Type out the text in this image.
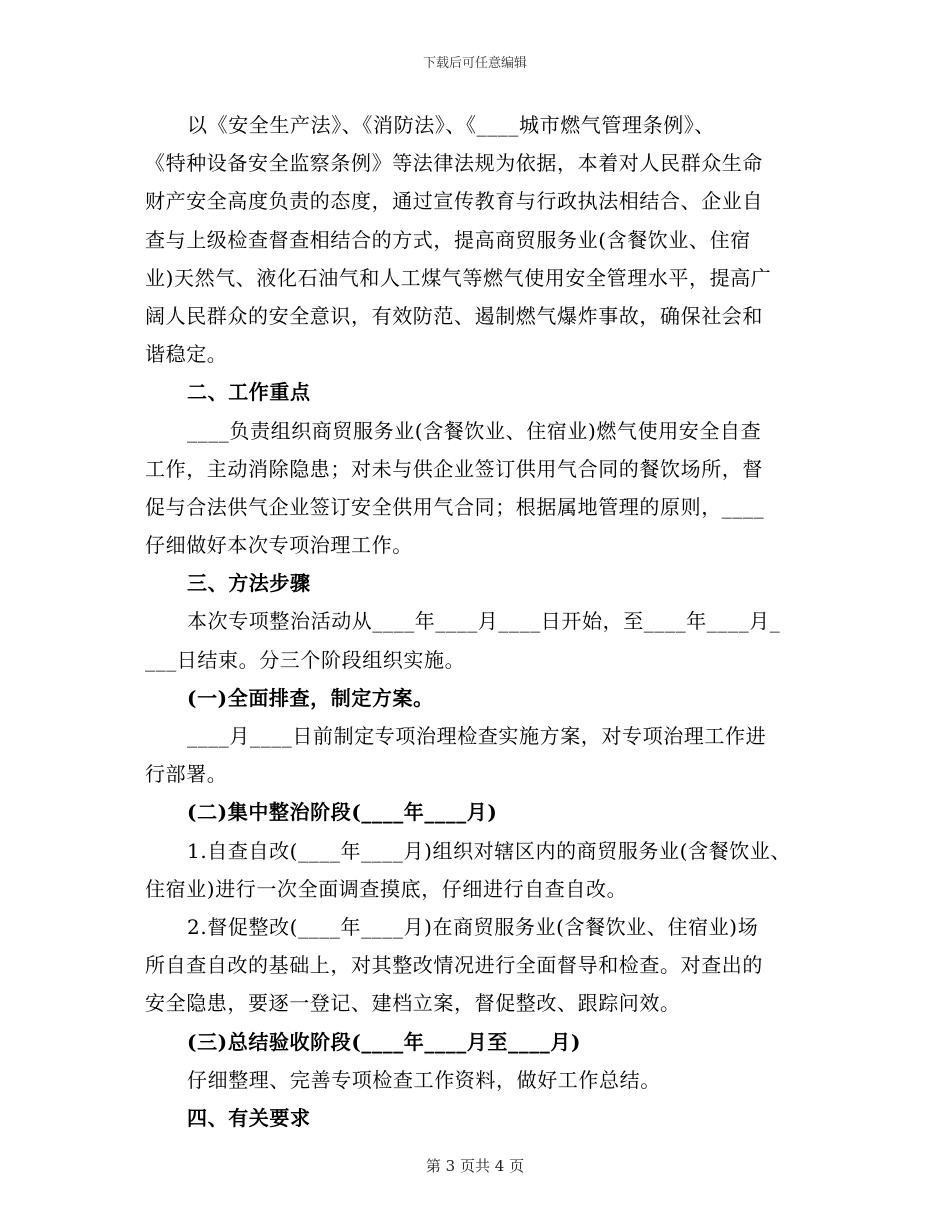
下载后可任意编辑
以《安全生产法》、《消防法》、《____城市燃气管理条例》、
《特种设备安全监察条例》等法律法规为依据，本着对人民群众生命
财产安全高度负责的态度，通过宣传教育与行政执法相结合、企业自
查与上级检查督查相结合的方式，提高商贸服务业(含餐饮业、住宿
业)天然气、液化石油气和人工煤气等燃气使用安全管理水平，提高广
阔人民群众的安全意识，有效防范、遏制燃气爆炸事故，确保社会和
谐稳定。
二、工作重点
____负责组织商贸服务业(含餐饮业、住宿业)燃气使用安全自查
工作，主动消除隐患；对未与供企业签订供用气合同的餐饮场所，督
促与合法供气企业签订安全供用气合同；根据属地管理的原则，____
仔细做好本次专项治理工作。
三、方法步骤
本次专项整治活动从____年____月____日开始，至____年____月_
___日结束。分三个阶段组织实施。
(一)全面排查，制定方案。
____月____日前制定专项治理检查实施方案，对专项治理工作进
行部署。
(二)集中整治阶段(____年____月)
1.自查自改(____年____月)组织对辖区内的商贸服务业(含餐饮业、
住宿业)进行一次全面调查摸底，仔细进行自查自改。
2.督促整改(____年____月)在商贸服务业(含餐饮业、住宿业)场
所自查自改的基础上，对其整改情况进行全面督导和检查。对查出的
安全隐患，要逐一登记、建档立案，督促整改、跟踪问效。
(三)总结验收阶段(____年____月至____月)
仔细整理、完善专项检查工作资料，做好工作总结。
四、有关要求
第 3 页共 4 页
